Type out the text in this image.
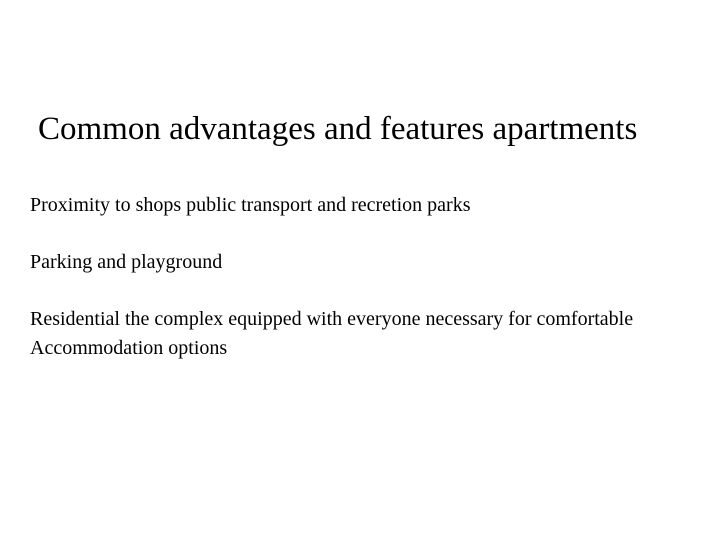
Common advantages and features apartments

Proximity to shops public transport and recretion parks

Parking and playground

Residential the complex equipped with everyone necessary for comfortable Accommodation options
